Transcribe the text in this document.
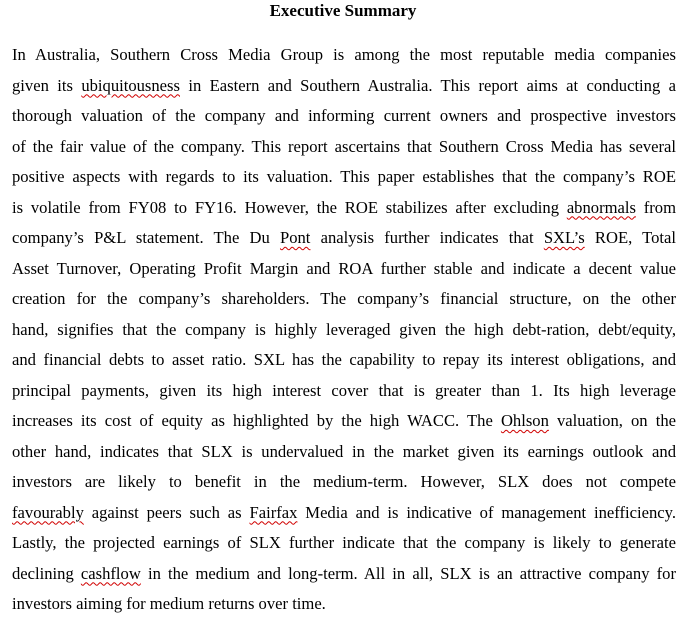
Executive Summary
In Australia, Southern Cross Media Group is among the most reputable media companies
given its ubiquitousness in Eastern and Southern Australia. This report aims at conducting a
thorough valuation of the company and informing current owners and prospective investors
of the fair value of the company. This report ascertains that Southern Cross Media has several
positive aspects with regards to its valuation. This paper establishes that the company’s ROE
is volatile from FY08 to FY16. However, the ROE stabilizes after excluding abnormals from
company’s P&L statement. The Du Pont analysis further indicates that SXL’s ROE, Total
Asset Turnover, Operating Profit Margin and ROA further stable and indicate a decent value
creation for the company’s shareholders. The company’s financial structure, on the other
hand, signifies that the company is highly leveraged given the high debt-ration, debt/equity,
and financial debts to asset ratio. SXL has the capability to repay its interest obligations, and
principal payments, given its high interest cover that is greater than 1. Its high leverage
increases its cost of equity as highlighted by the high WACC. The Ohlson valuation, on the
other hand, indicates that SLX is undervalued in the market given its earnings outlook and
investors are likely to benefit in the medium-term. However, SLX does not compete
favourably against peers such as Fairfax Media and is indicative of management inefficiency.
Lastly, the projected earnings of SLX further indicate that the company is likely to generate
declining cashflow in the medium and long-term. All in all, SLX is an attractive company for
investors aiming for medium returns over time.
